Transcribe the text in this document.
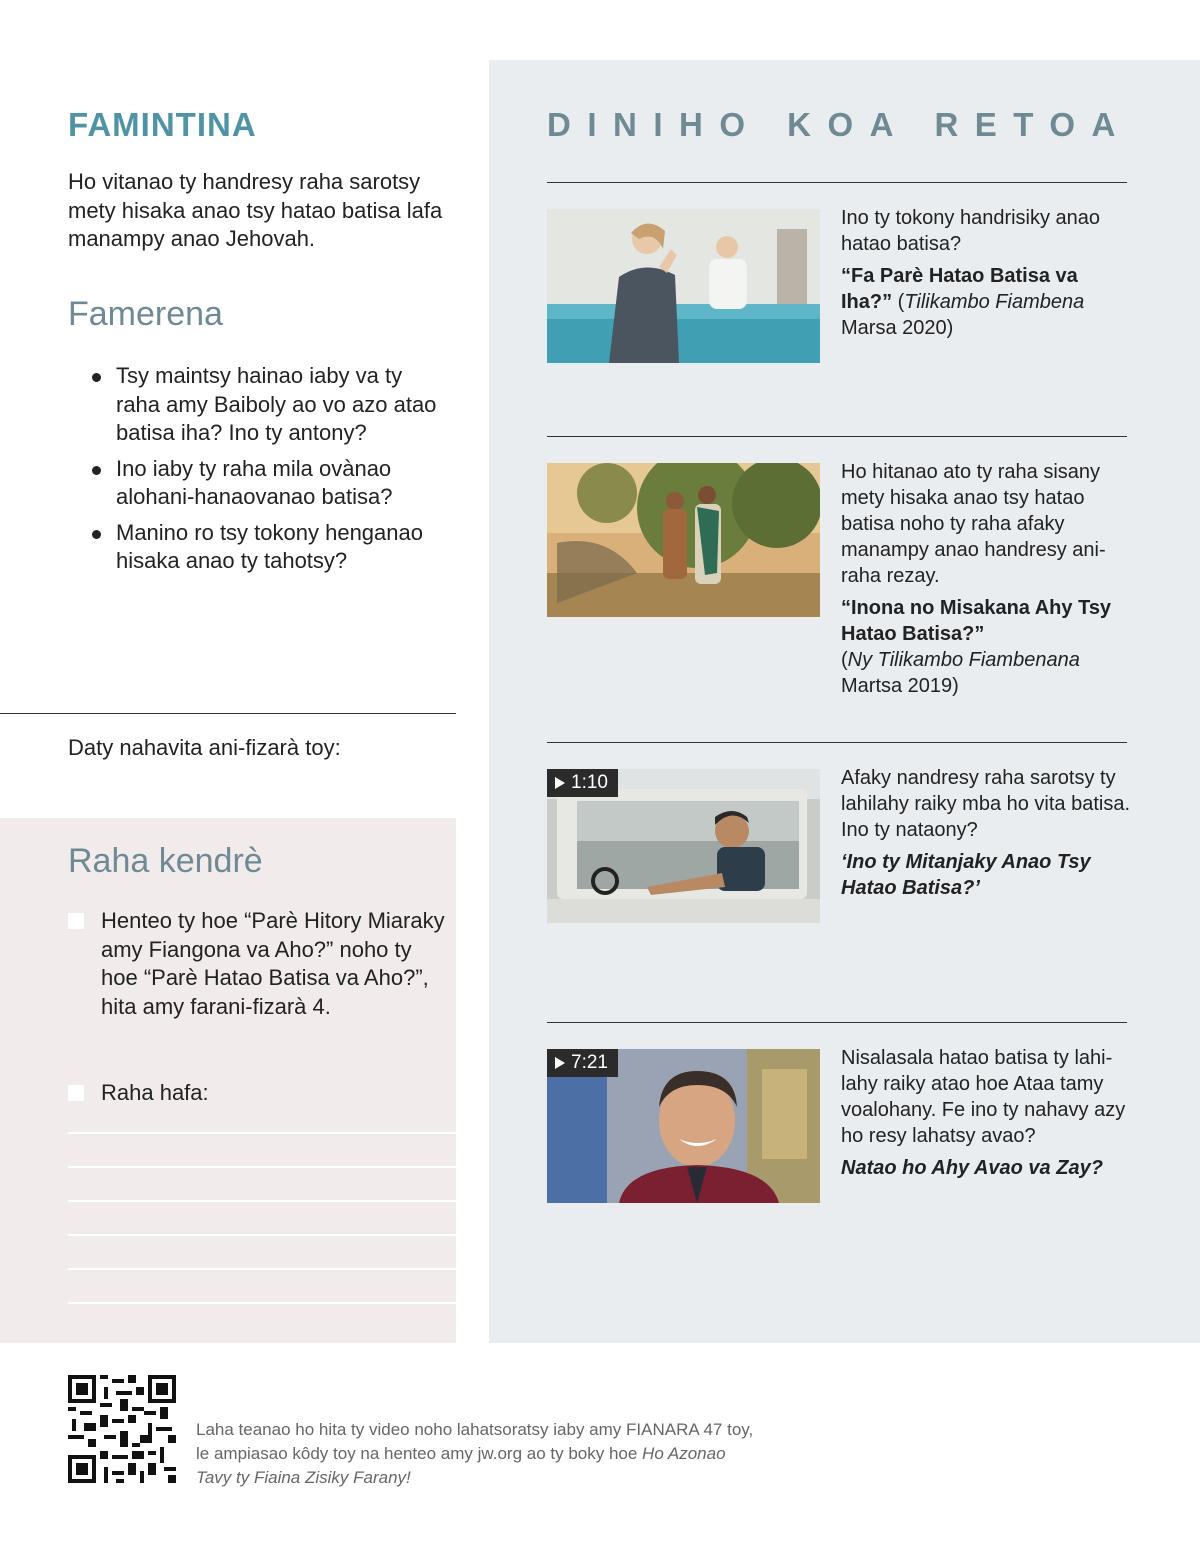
FAMINTINA

Ho vitanao ty handresy raha sarotsy mety hisaka anao tsy hatao batisa lafa manampy anao Jehovah.

Famerena
Tsy maintsy hainao iaby va ty raha amy Baiboly ao vo azo atao batisa iha? Ino ty antony?
Ino iaby ty raha mila ovànao alohani-hanaovanao batisa?
Manino ro tsy tokony henganao hisaka anao ty tahotsy?
Daty nahavita ani-fizarà toy:
Raha kendrè
Henteo ty hoe “Parè Hitory Miaraky amy Fiangona va Aho?” noho ty hoe “Parè Hatao Batisa va Aho?”, hita amy farani-fizarà 4.
Raha hafa:
DINIHO KOA RETOA

Ino ty tokony handrisiky anao hatao batisa?

“Fa Parè Hatao Batisa va Iha?” (Tilikambo Fiambena
Marsa 2020)

Ho hitanao ato ty raha sisany mety hisaka anao tsy hatao batisa noho ty raha afaky manampy anao handresy ani-raha rezay.

“Inona no Misakana Ahy Tsy Hatao Batisa?”

(Ny Tilikambo Fiambenana
Martsa 2019)

1:10	Afaky nandresy raha sarotsy ty lahilahy raiky mba ho vita batisa. Ino ty nataony?

‘Ino ty Mitanjaky Anao Tsy Hatao Batisa?’

7:21	Nisalasala hatao batisa ty lahi-lahy raiky atao hoe Ataa tamy voalohany. Fe ino ty nahavy azy ho resy lahatsy avao?

Natao ho Ahy Avao va Zay?

Laha teanao ho hita ty video noho lahatsoratsy iaby amy FIANARA 47 toy, le ampiasao kôdy toy na henteo amy jw.org ao ty boky hoe Ho Azonao Tavy ty Fiaina Zisiky Farany!
